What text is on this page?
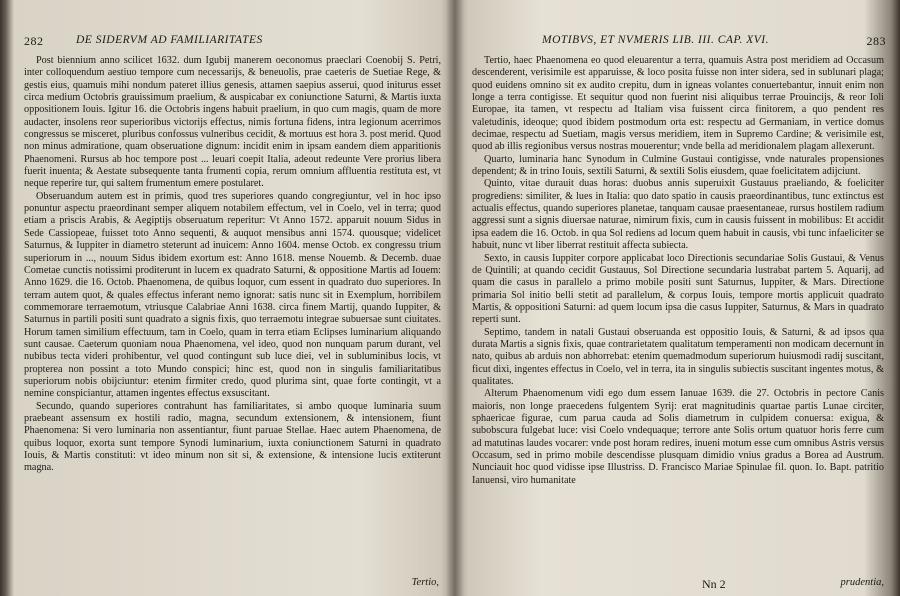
282	DE SIDERVM AD FAMILIARITATES

Post biennium anno scilicet 1632. dum Igubij manerem oeconomus praeclari Coenobij S. Petri, inter colloquendum aestiuo tempore cum necessarijs, & beneuolis, prae caeteris de Suetiae Rege, & gestis eius, quamuis mihi nondum pateret illius genesis, attamen saepius asserui, quod initurus esset circa medium Octobris grauissimum praelium, & auspicabar ex coniunctione Saturni, & Martis iuxta oppositionem Iouis. Igitur 16. die Octobris ingens habuit praelium, in quo cum magis, quam de more audacter, insolens reor superioribus victorijs effectus, nimis fortuna fidens, intra legionum acerrimos congressus se misceret, pluribus confossus vulneribus cecidit, & mortuus est hora 3. post merid. Quod non minus admiratione, quam obseruatione dignum: incidit enim in ipsam eandem diem apparitionis Phaenomeni. Rursus ab hoc tempore post ... leuari coepit Italia, adeout redeunte Vere prorius libera fuerit inuenta; & Aestate subsequente tanta frumenti copia, rerum omnium affluentia restituta est, vt neque reperire tur, qui saltem frumentum emere postularet.

Obseruandum autem est in primis, quod tres superiores quando congregiuntur, vel in hoc ipso ponuntur aspectu praeordinant semper aliquem notabilem effectum, vel in Coelo, vel in terra; quod etiam a priscis Arabis, & Aegiptijs obseruatum reperitur: Vt Anno 1572. apparuit nouum Sidus in Sede Cassiopeae, fuisset toto Anno sequenti, & auquot mensibus anni 1574. quousque; videlicet Saturnus, & Iuppiter in diametro steterunt ad inuicem: Anno 1604. mense Octob. ex congressu trium superiorum in ..., nouum Sidus ibidem exortum est: Anno 1618. mense Nouemb. & Decemb. duae Cometae cunctis notissimi proditerunt in lucem ex quadrato Saturni, & oppositione Martis ad Iouem: Anno 1629. die 16. Octob. Phaenomena, de quibus loquor, cum essent in quadrato duo superiores. In terram autem quot, & quales effectus inferant nemo ignorat: satis nunc sit in Exemplum, horribilem commemorare terraemotum, vtriusque Calabriae Anni 1638. circa finem Martij, quando Iuppiter, & Saturnus in partili positi sunt quadrato a signis fixis, quo terraemotu integrae subuersae sunt ciuitates. Horum tamen similium effectuum, tam in Coelo, quam in terra etiam Eclipses luminarium aliquando sunt causae. Caeterum quoniam noua Phaenomena, vel ideo, quod non nunquam parum durant, vel nubibus tecta videri prohibentur, vel quod contingunt sub luce diei, vel in subluminibus locis, vt propterea non possint a toto Mundo conspici; hinc est, quod non in singulis familiaritatibus superiorum nobis obijciuntur: etenim firmiter credo, quod plurima sint, quae forte contingit, vt a nemine conspiciantur, attamen ingentes effectus exsuscitant.

Secundo, quando superiores contrahunt has familiaritates, si ambo quoque luminaria suum praebeant assensum ex hostili radio, magna, secundum extensionem, & intensionem, fiunt Phaenomena: Si vero luminaria non assentiantur, fiunt paruae Stellae. Haec autem Phaenomena, de quibus loquor, exorta sunt tempore Synodi luminarium, iuxta coniunctionem Saturni in quadrato Iouis, & Martis constituti: vt ideo minum non sit si, & extensione, & intensione lucis extiterunt magna.

Tertio,
MOTIBVS, ET NVMERIS LIB. III. CAP. XVI.	283

Tertio, haec Phaenomena eo quod eleuarentur a terra, quamuis Astra post meridiem ad Occasum descenderent, verisimile est apparuisse, & loco posita fuisse non inter sidera, sed in sublunari plaga; quod euidens omnino sit ex audito crepitu, dum in igneas volantes conuertebantur, innuit enim non longe a terra contigisse. Et sequitur quod non fuerint nisi aliquibus terrae Prouincijs, & reor Ioli Europae, ita tamen, vt respectu ad Italiam visa fuissent circa finitorem, a quo pendent res valetudinis, ideoque; quod ibidem postmodum orta est: respectu ad Germaniam, in vertice domus decimae, respectu ad Suetiam, magis versus meridiem, item in Supremo Cardine; & verisimile est, quod ab illis regionibus versus nostras mouerentur; vnde bella ad meridionalem plagam allexerunt.

Quarto, luminaria hanc Synodum in Culmine Gustaui contigisse, vnde naturales propensiones dependent; & in trino Iouis, sextili Saturni, & sextili Solis eiusdem, quae foelicitatem adijciunt.

Quinto, vitae durauit duas horas: duobus annis superuixit Gustauus praeliando, & foeliciter progrediens: similiter, & lues in Italia: quo dato spatio in causis praeordinantibus, tunc extinctus est actualis effectus, quando superiores planetae, tanquam causae praesentaneae, rursus hostilem radium aggressi sunt a signis diuersae naturae, nimirum fixis, cum in causis fuissent in mobilibus: Et accidit ipsa eadem die 16. Octob. in qua Sol rediens ad locum quem habuit in causis, vbi tunc infaeliciter se habuit, nunc vt liber liberrat restituit affecta subiecta.

Sexto, in causis Iuppiter corpore applicabat loco Directionis secundariae Solis Gustaui, & Venus de Quintili; at quando cecidit Gustauus, Sol Directione secundaria lustrabat partem 5. Aquarij, ad quam die casus in parallelo a primo mobile positi sunt Saturnus, Iuppiter, & Mars. Directione primaria Sol initio belli stetit ad parallelum, & corpus Iouis, tempore mortis applicuit quadrato Martis, & oppositioni Saturni: ad quem locum ipsa die casus Iuppiter, Saturnus, & Mars in quadrato reperti sunt.

Septimo, tandem in natali Gustaui obseruanda est oppositio Iouis, & Saturni, & ad ipsos qua durata Martis a signis fixis, quae contrarietatem qualitatum temperamenti non modicam decernunt in nato, quibus ab arduis non abhorrebat: etenim quemadmodum superiorum huiusmodi radij suscitant, ficut dixi, ingentes effectus in Coelo, vel in terra, ita in singulis subiectis suscitant ingentes motus, & qualitates.

Alterum Phaenomenum vidi ego dum essem Ianuae 1639. die 27. Octobris in pectore Canis maioris, non longe praecedens fulgentem Syrij: erat magnitudinis quartae partis Lunae circiter, sphaericae figurae, cum parua cauda ad Solis diametrum in culpidem conuersa: exigua, & subobscura fulgebat luce: visi Coelo vndequaque; terrore ante Solis ortum quatuor horis ferre cum ad matutinas laudes vocarer: vnde post horam redires, inueni motum esse cum omnibus Astris versus Occasum, sed in primo mobile descendisse plusquam dimidio vnius gradus a Borea ad Austrum. Nunciauit hoc quod vidisse ipse Illustriss. D. Francisco Mariae Spinulae fil. quon. Io. Bapt. patritio Ianuensi, viro humanitate

Nn 2	prudentia,
